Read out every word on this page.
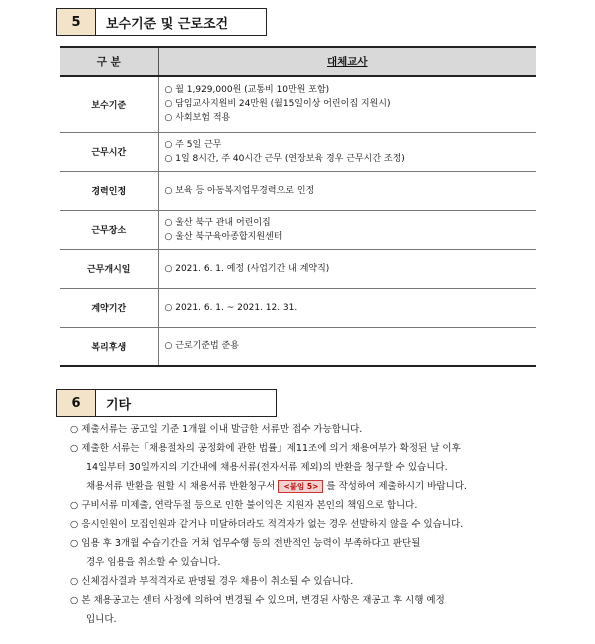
5	보수기준 및 근로조건
구 분	대체교사
보수기준	○ 월 1,929,000원 (교통비 10만원 포함)
○ 담임교사지원비 24만원 (월15일이상 어린이집 지원시)
○ 사회보험 적용

근무시간	○ 주 5일 근무
○ 1일 8시간, 주 40시간 근무 (연장보육 경우 근무시간 조정)

경력인정	○ 보육 등 아동복지업무경력으로 인정

근무장소	○ 울산 북구 관내 어린이집
○ 울산 북구육아종합지원센터

근무개시일	○ 2021. 6. 1. 예정 (사업기간 내 계약직)

계약기간	○ 2021. 6. 1. ~ 2021. 12. 31.

복리후생	○ 근로기준법 준용
6	기타
○ 제출서류는 공고일 기준 1개월 이내 발급한 서류만 접수 가능합니다.
○ 제출한 서류는「채용절차의 공정화에 관한 법률」제11조에 의거 채용여부가 확정된 날 이후
14일부터 30일까지의 기간내에 채용서류(전자서류 제외)의 반환을 청구할 수 있습니다.
채용서류 반환을 원할 시 채용서류 반환청구서 <붙임 5> 를 작성하여 제출하시기 바랍니다.
○ 구비서류 미제출, 연락두절 등으로 인한 불이익은 지원자 본인의 책임으로 합니다.
○ 응시인원이 모집인원과 같거나 미달하더라도 적격자가 없는 경우 선발하지 않을 수 있습니다.
○ 임용 후 3개월 수습기간을 거쳐 업무수행 등의 전반적인 능력이 부족하다고 판단될
경우 임용을 취소할 수 있습니다.
○ 신체검사결과 부적격자로 판명될 경우 채용이 취소될 수 있습니다.
○ 본 채용공고는 센터 사정에 의하여 변경될 수 있으며, 변경된 사항은 재공고 후 시행 예정
입니다.
